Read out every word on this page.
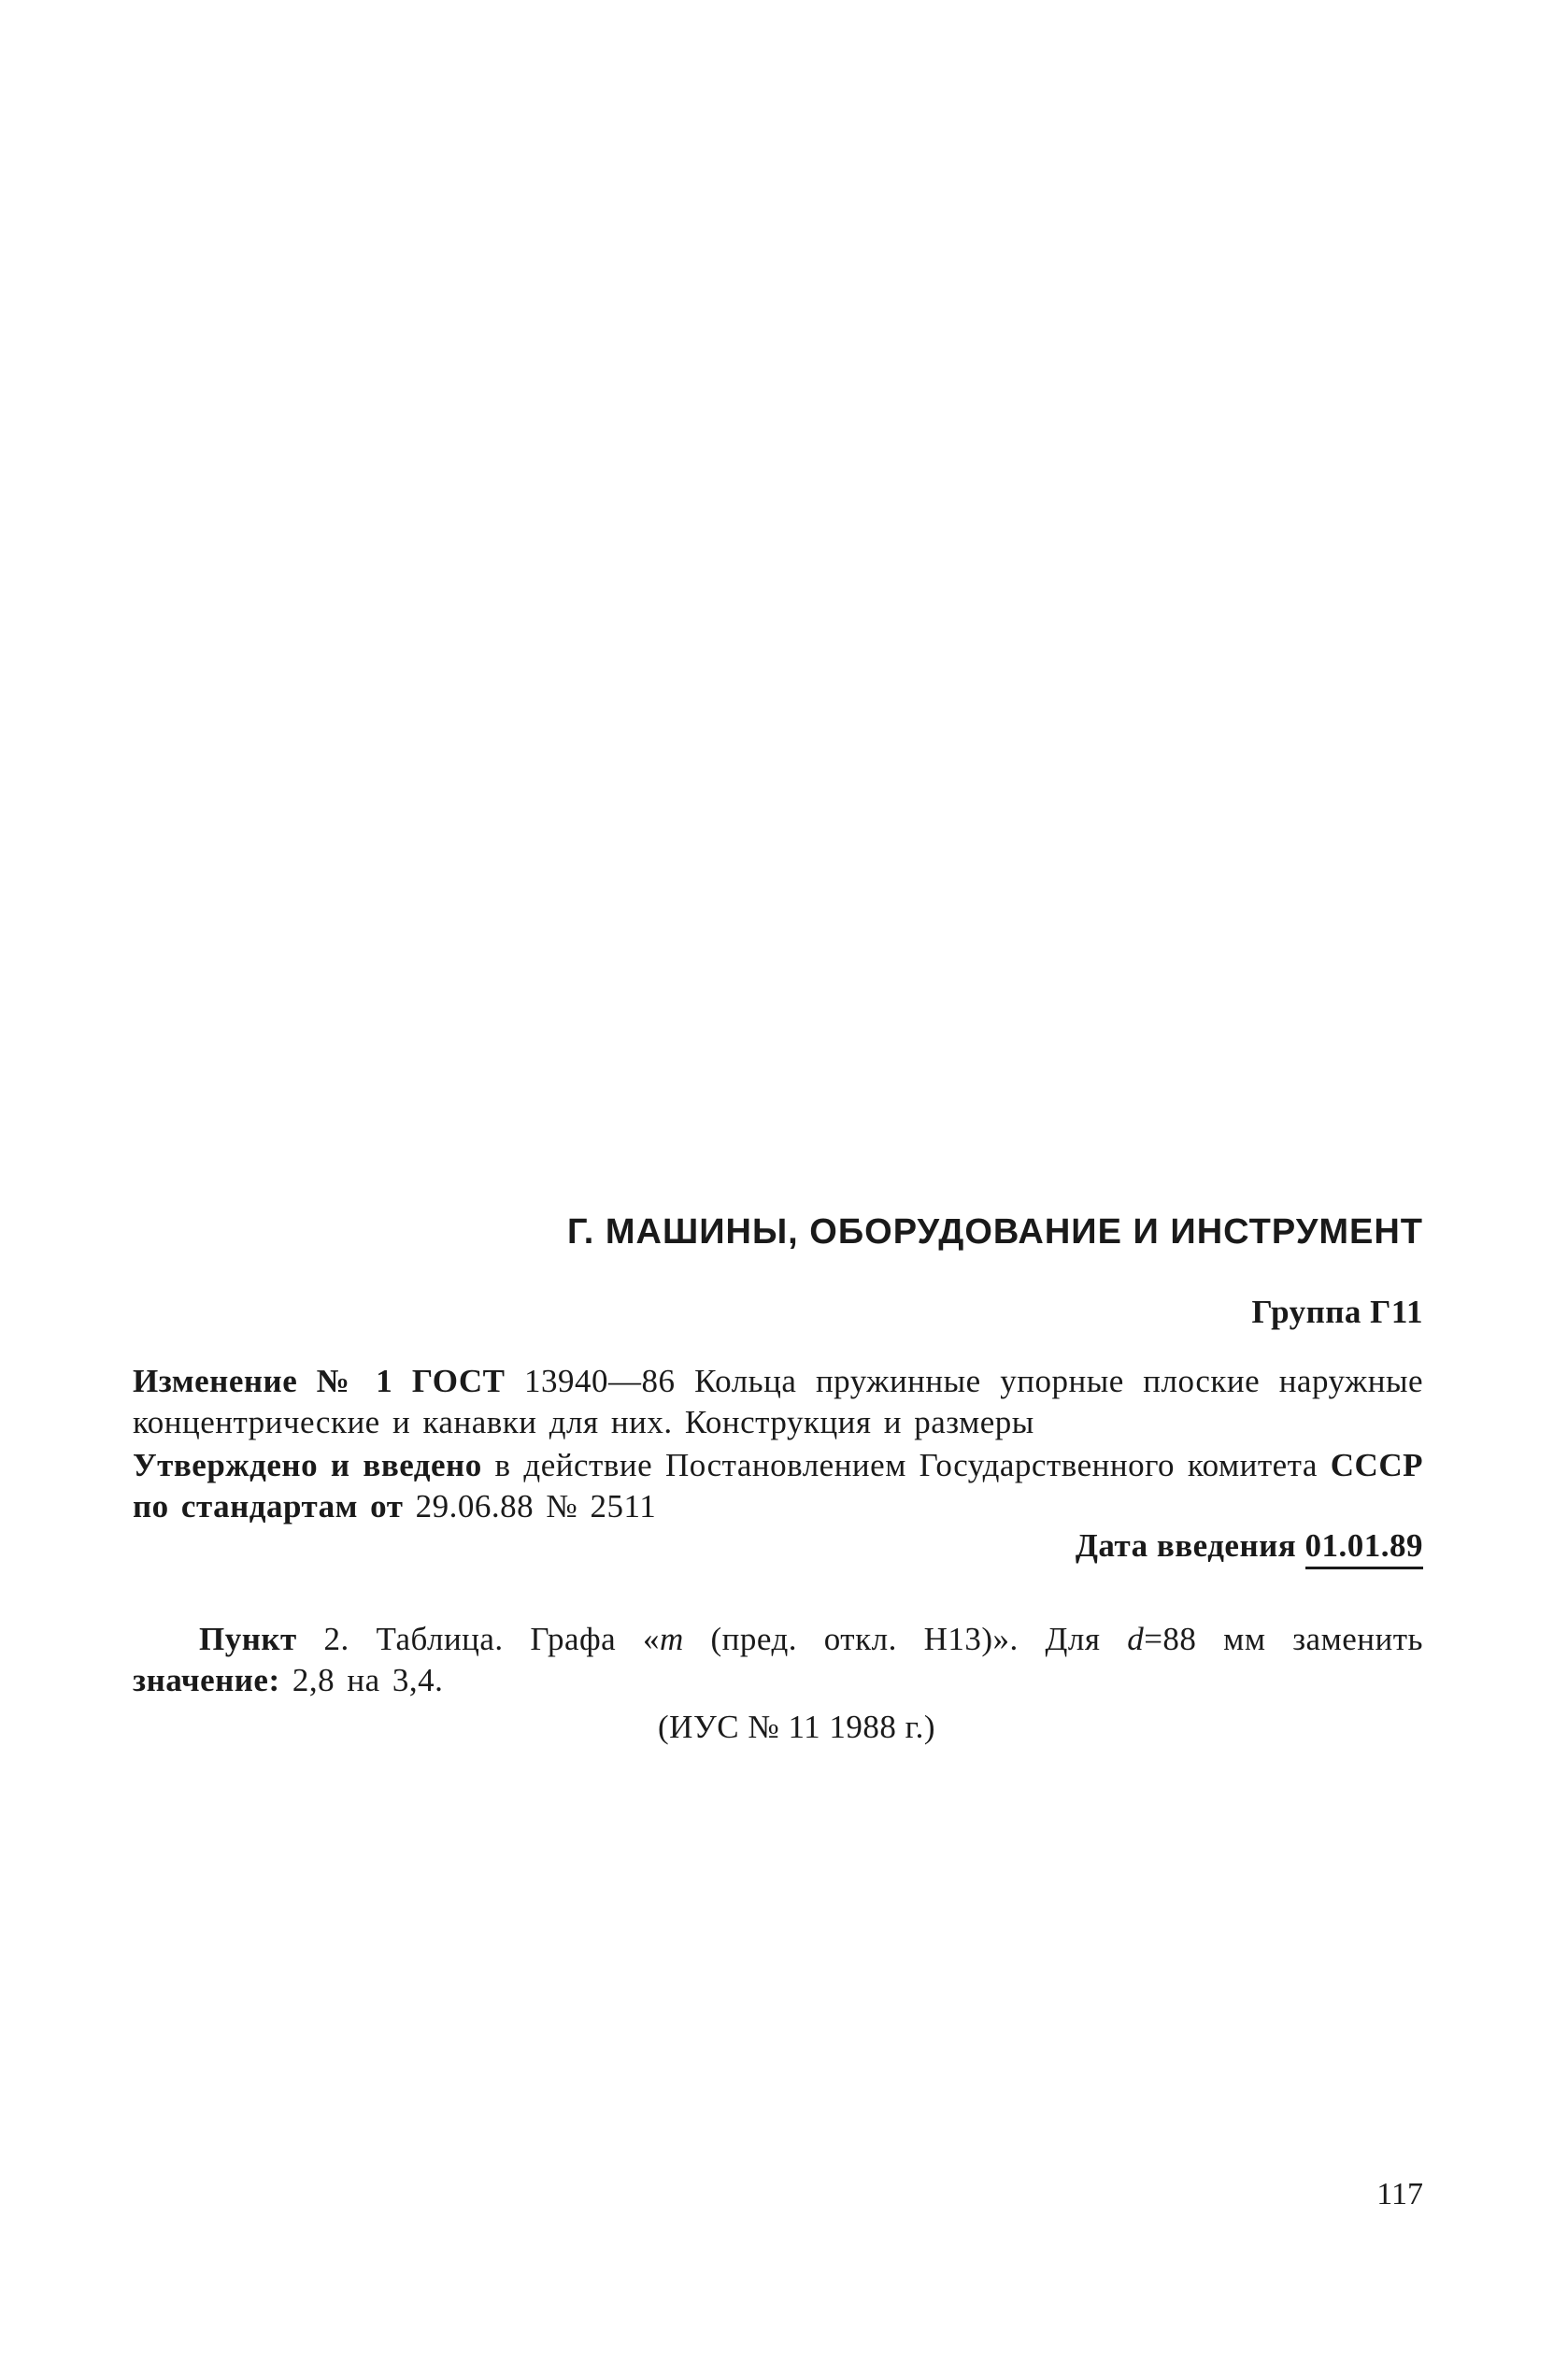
Г. МАШИНЫ, ОБОРУДОВАНИЕ И ИНСТРУМЕНТ
Группа Г11
Изменение № 1 ГОСТ 13940—86 Кольца пружинные упорные плоские наружные концентрические и канавки для них. Конструкция и размеры
Утверждено и введено в действие Постановлением Государственного комитета СССР по стандартам от 29.06.88 № 2511
Дата введения 01.01.89
Пункт 2. Таблица. Графа «m (пред. откл. Н13)». Для d=88 мм заменить значение: 2,8 на 3,4.
(ИУС № 11 1988 г.)
117
